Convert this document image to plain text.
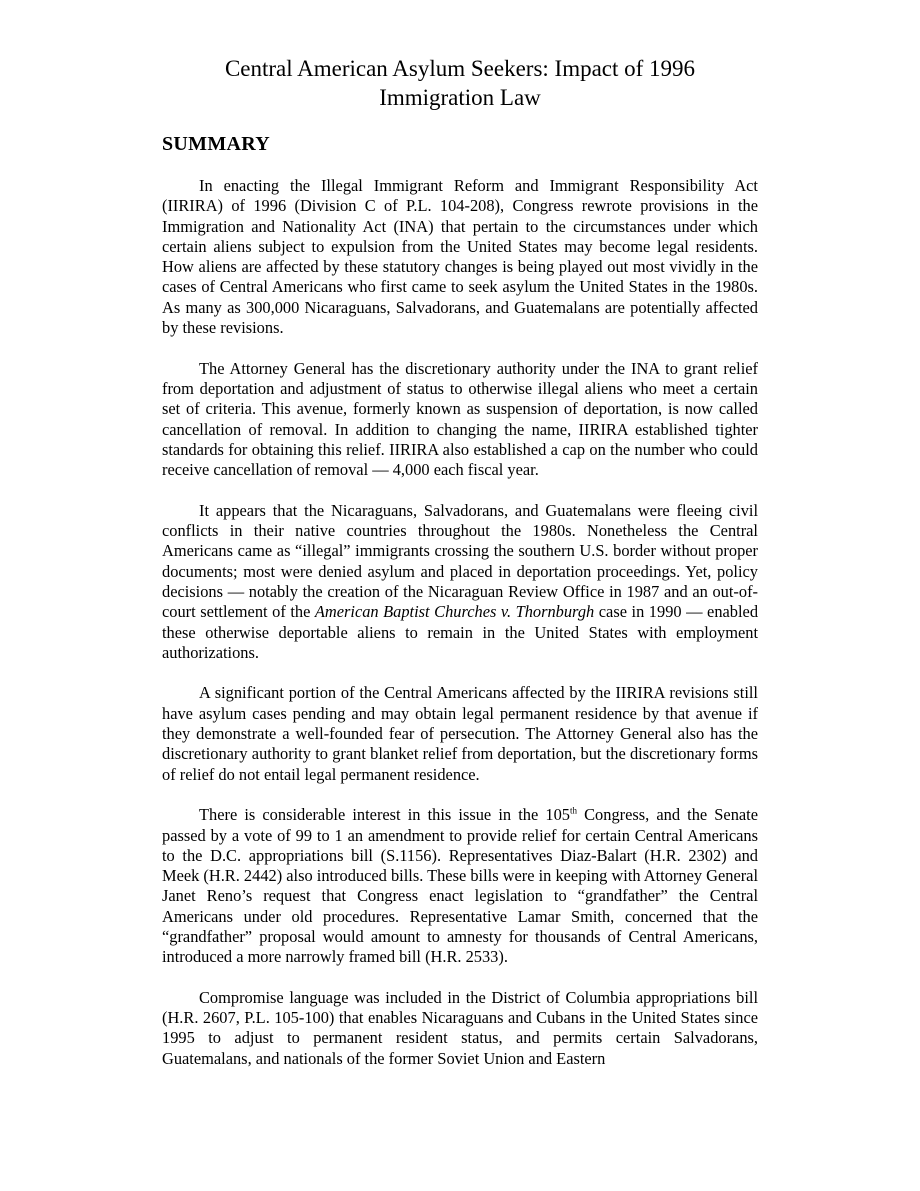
Central American Asylum Seekers: Impact of 1996
Immigration Law
SUMMARY

In enacting the Illegal Immigrant Reform and Immigrant Responsibility Act (IIRIRA) of 1996 (Division C of P.L. 104-208), Congress rewrote provisions in the Immigration and Nationality Act (INA) that pertain to the circumstances under which certain aliens subject to expulsion from the United States may become legal residents. How aliens are affected by these statutory changes is being played out most vividly in the cases of Central Americans who first came to seek asylum the United States in the 1980s. As many as 300,000 Nicaraguans, Salvadorans, and Guatemalans are potentially affected by these revisions.

The Attorney General has the discretionary authority under the INA to grant relief from deportation and adjustment of status to otherwise illegal aliens who meet a certain set of criteria. This avenue, formerly known as suspension of deportation, is now called cancellation of removal. In addition to changing the name, IIRIRA established tighter standards for obtaining this relief. IIRIRA also established a cap on the number who could receive cancellation of removal — 4,000 each fiscal year.

It appears that the Nicaraguans, Salvadorans, and Guatemalans were fleeing civil conflicts in their native countries throughout the 1980s. Nonetheless the Central Americans came as “illegal” immigrants crossing the southern U.S. border without proper documents; most were denied asylum and placed in deportation proceedings. Yet, policy decisions — notably the creation of the Nicaraguan Review Office in 1987 and an out-of-court settlement of the American Baptist Churches v. Thornburgh case in 1990 — enabled these otherwise deportable aliens to remain in the United States with employment authorizations.

A significant portion of the Central Americans affected by the IIRIRA revisions still have asylum cases pending and may obtain legal permanent residence by that avenue if they demonstrate a well-founded fear of persecution. The Attorney General also has the discretionary authority to grant blanket relief from deportation, but the discretionary forms of relief do not entail legal permanent residence.

There is considerable interest in this issue in the 105th Congress, and the Senate passed by a vote of 99 to 1 an amendment to provide relief for certain Central Americans to the D.C. appropriations bill (S.1156). Representatives Diaz-Balart (H.R. 2302) and Meek (H.R. 2442) also introduced bills. These bills were in keeping with Attorney General Janet Reno’s request that Congress enact legislation to “grandfather” the Central Americans under old procedures. Representative Lamar Smith, concerned that the “grandfather” proposal would amount to amnesty for thousands of Central Americans, introduced a more narrowly framed bill (H.R. 2533).

Compromise language was included in the District of Columbia appropriations bill (H.R. 2607, P.L. 105-100) that enables Nicaraguans and Cubans in the United States since 1995 to adjust to permanent resident status, and permits certain Salvadorans, Guatemalans, and nationals of the former Soviet Union and Eastern
